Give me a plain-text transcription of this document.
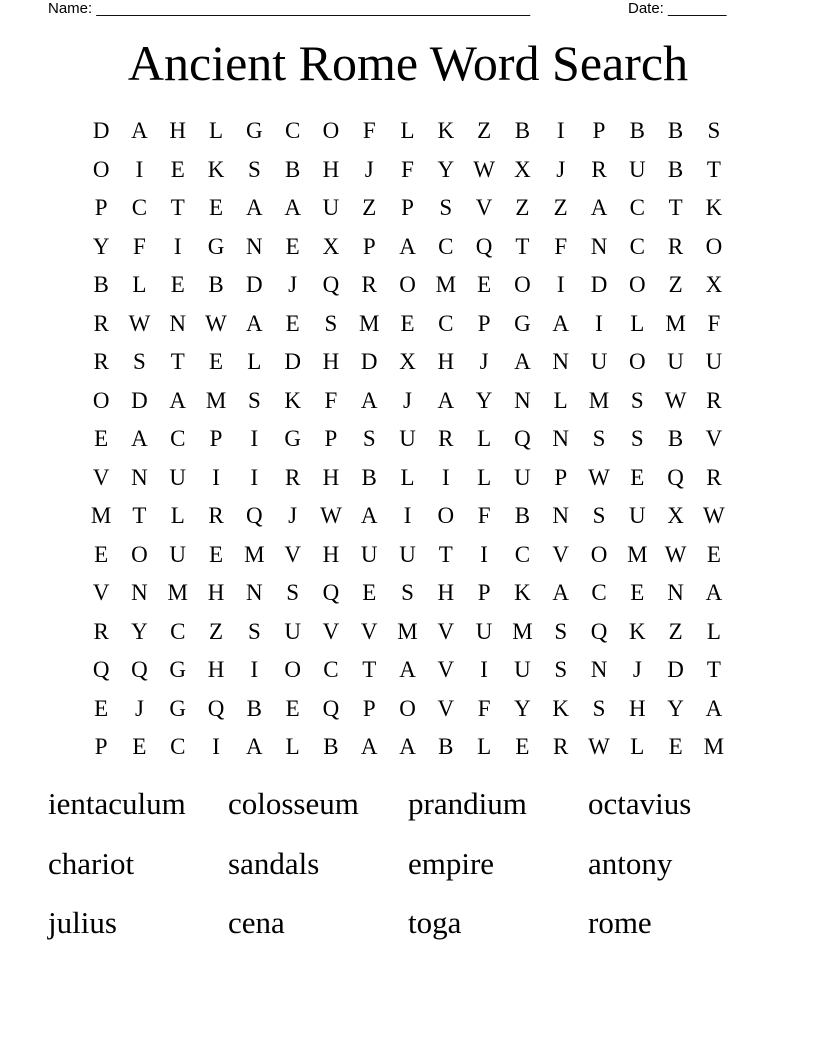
Name: ____________________________________________________	Date: _______
Ancient Rome Word Search
D A H L G C O	F	L K Z	B	I	P	B B	S
O	I	E K	S	B H	J	F	Y W X	J	R U B	T
P	C	T	E A A U Z	P	S	V Z	Z A C	T K
Y	F	I	G N E X	P	A C Q T	F	N C R O
B	L	E	B D	J	Q R O M E O	I	D O Z X
R W N W A E	S M E	C	P	G A	I	L M F
R	S	T	E	L D H D X H	J	A N U O U U
O D A M S	K	F	A	J	A Y N L M S W R
E A C	P	I	G	P	S	U R	L Q N	S	S	B V
V N U	I	I	R H B	L	I	L U	P W E Q R
M T	L	R Q	J W A	I	O	F	B N	S	U X W
E O U E M V H U U T	I	C V O M W E
V N M H N	S	Q E	S	H	P	K A C	E N A
R Y C	Z	S	U V V M V U M S	Q K Z	L
Q Q G H	I	O C	T A V	I	U	S	N	J	D T
E	J	G Q B	E Q	P	O V	F	Y K	S	H Y A
P	E	C	I	A L	B A A B	L	E	R W L	E M
ientaculum	colosseum	prandium	octavius
chariot	sandals	empire	antony
julius	cena	toga	rome
